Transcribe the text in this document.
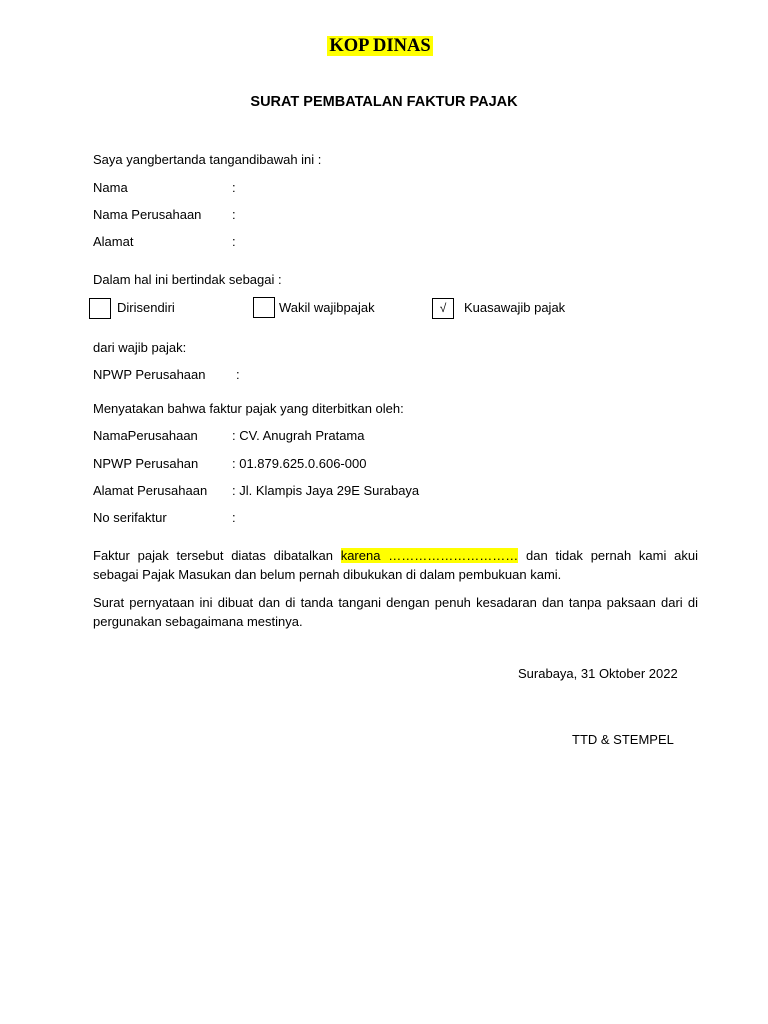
KOP DINAS
SURAT PEMBATALAN FAKTUR PAJAK
Saya yangbertanda tangandibawah ini :
Nama	:
Nama Perusahaan :
Alamat	:
Dalam hal ini bertindak sebagai :
Dirisendiri	Wakil wajibpajak	√	Kuasawajib pajak
dari wajib pajak:
NPWP Perusahaan :
Menyatakan bahwa faktur pajak yang diterbitkan oleh:
NamaPerusahaan	: CV. Anugrah Pratama
NPWP Perusahan	: 01.879.625.0.606-000
Alamat Perusahaan : Jl. Klampis Jaya 29E Surabaya
No serifaktur	:
Faktur pajak tersebut diatas dibatalkan karena ………………………… dan tidak pernah kami akui sebagai Pajak Masukan dan belum pernah dibukukan di dalam pembukuan kami.
Surat pernyataan ini dibuat dan di tanda tangani dengan penuh kesadaran dan tanpa paksaan dari di pergunakan sebagaimana mestinya.
Surabaya, 31 Oktober 2022
TTD & STEMPEL
